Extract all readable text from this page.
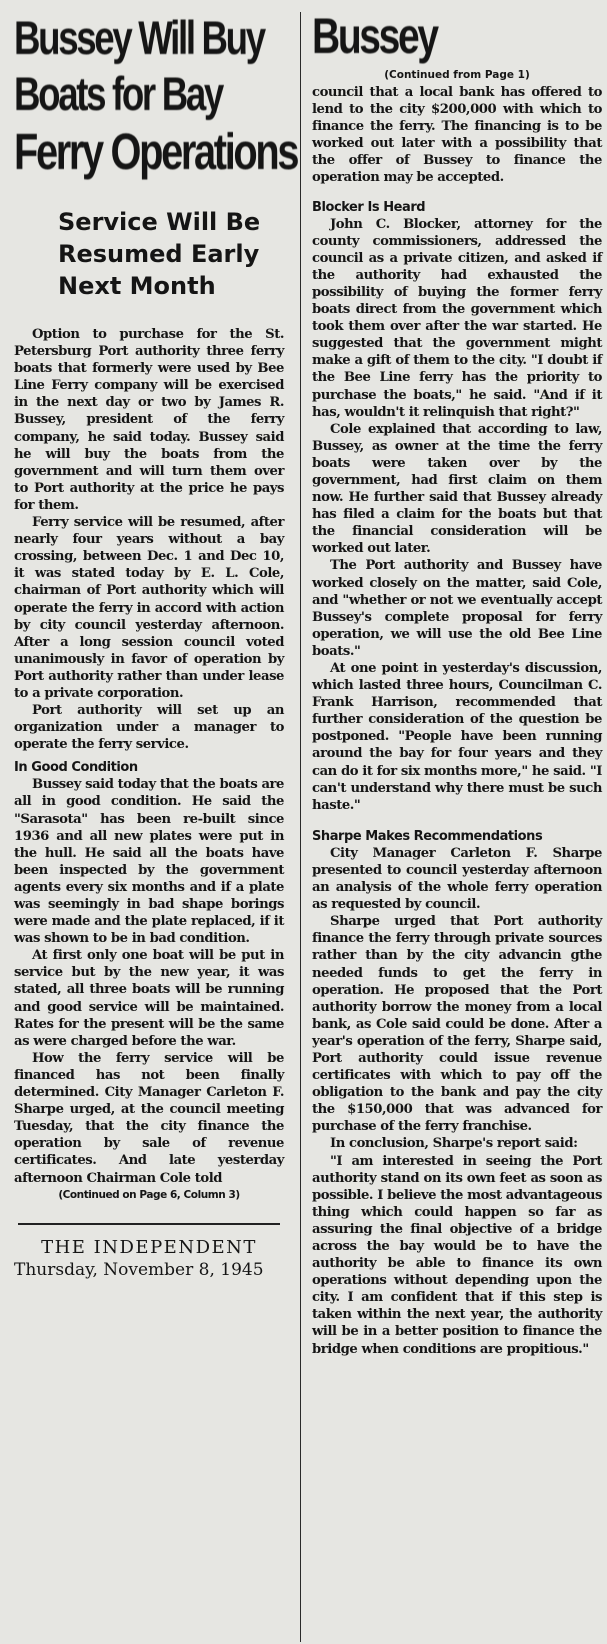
Bussey Will Buy
Boats for Bay
Ferry Operations
Service Will Be
Resumed Early
Next Month

Option to purchase for the St. Petersburg Port authority three ferry boats that formerly were used by Bee Line Ferry company will be exercised in the next day or two by James R. Bussey, president of the ferry company, he said today. Bussey said he will buy the boats from the government and will turn them over to Port authority at the price he pays for them.

Ferry service will be resumed, after nearly four years without a bay crossing, between Dec. 1 and Dec 10, it was stated today by E. L. Cole, chairman of Port authority which will operate the ferry in accord with action by city council yesterday afternoon. After a long session council voted unanimously in favor of operation by Port authority rather than under lease to a private corporation.

Port authority will set up an organization under a manager to operate the ferry service.

In Good Condition

Bussey said today that the boats are all in good condition. He said the "Sarasota" has been re-built since 1936 and all new plates were put in the hull. He said all the boats have been inspected by the government agents every six months and if a plate was seemingly in bad shape borings were made and the plate replaced, if it was shown to be in bad condition.

At first only one boat will be put in service but by the new year, it was stated, all three boats will be running and good service will be maintained. Rates for the present will be the same as were charged before the war.

How the ferry service will be financed has not been finally determined. City Manager Carleton F. Sharpe urged, at the council meeting Tuesday, that the city finance the operation by sale of revenue certificates. And late yesterday afternoon Chairman Cole told

(Continued on Page 6, Column 3)
THE INDEPENDENT
Thursday, November 8, 1945
Bussey
(Continued from Page 1)

council that a local bank has offered to lend to the city $200,000 with which to finance the ferry. The financing is to be worked out later with a possibility that the offer of Bussey to finance the operation may be accepted.

Blocker Is Heard

John C. Blocker, attorney for the county commissioners, addressed the council as a private citizen, and asked if the authority had exhausted the possibility of buying the former ferry boats direct from the government which took them over after the war started. He suggested that the government might make a gift of them to the city. "I doubt if the Bee Line ferry has the priority to purchase the boats," he said. "And if it has, wouldn't it relinquish that right?"

Cole explained that according to law, Bussey, as owner at the time the ferry boats were taken over by the government, had first claim on them now. He further said that Bussey already has filed a claim for the boats but that the financial consideration will be worked out later.

The Port authority and Bussey have worked closely on the matter, said Cole, and "whether or not we eventually accept Bussey's complete proposal for ferry operation, we will use the old Bee Line boats."

At one point in yesterday's discussion, which lasted three hours, Councilman C. Frank Harrison, recommended that further consideration of the question be postponed. "People have been running around the bay for four years and they can do it for six months more," he said. "I can't understand why there must be such haste."

Sharpe Makes Recommendations

City Manager Carleton F. Sharpe presented to council yesterday afternoon an analysis of the whole ferry operation as requested by council.

Sharpe urged that Port authority finance the ferry through private sources rather than by the city advancin gthe needed funds to get the ferry in operation. He proposed that the Port authority borrow the money from a local bank, as Cole said could be done. After a year's operation of the ferry, Sharpe said, Port authority could issue revenue certificates with which to pay off the obligation to the bank and pay the city the $150,000 that was advanced for purchase of the ferry franchise.

In conclusion, Sharpe's report said:

"I am interested in seeing the Port authority stand on its own feet as soon as possible. I believe the most advantageous thing which could happen so far as assuring the final objective of a bridge across the bay would be to have the authority be able to finance its own operations without depending upon the city. I am confident that if this step is taken within the next year, the authority will be in a better position to finance the bridge when conditions are propitious."
